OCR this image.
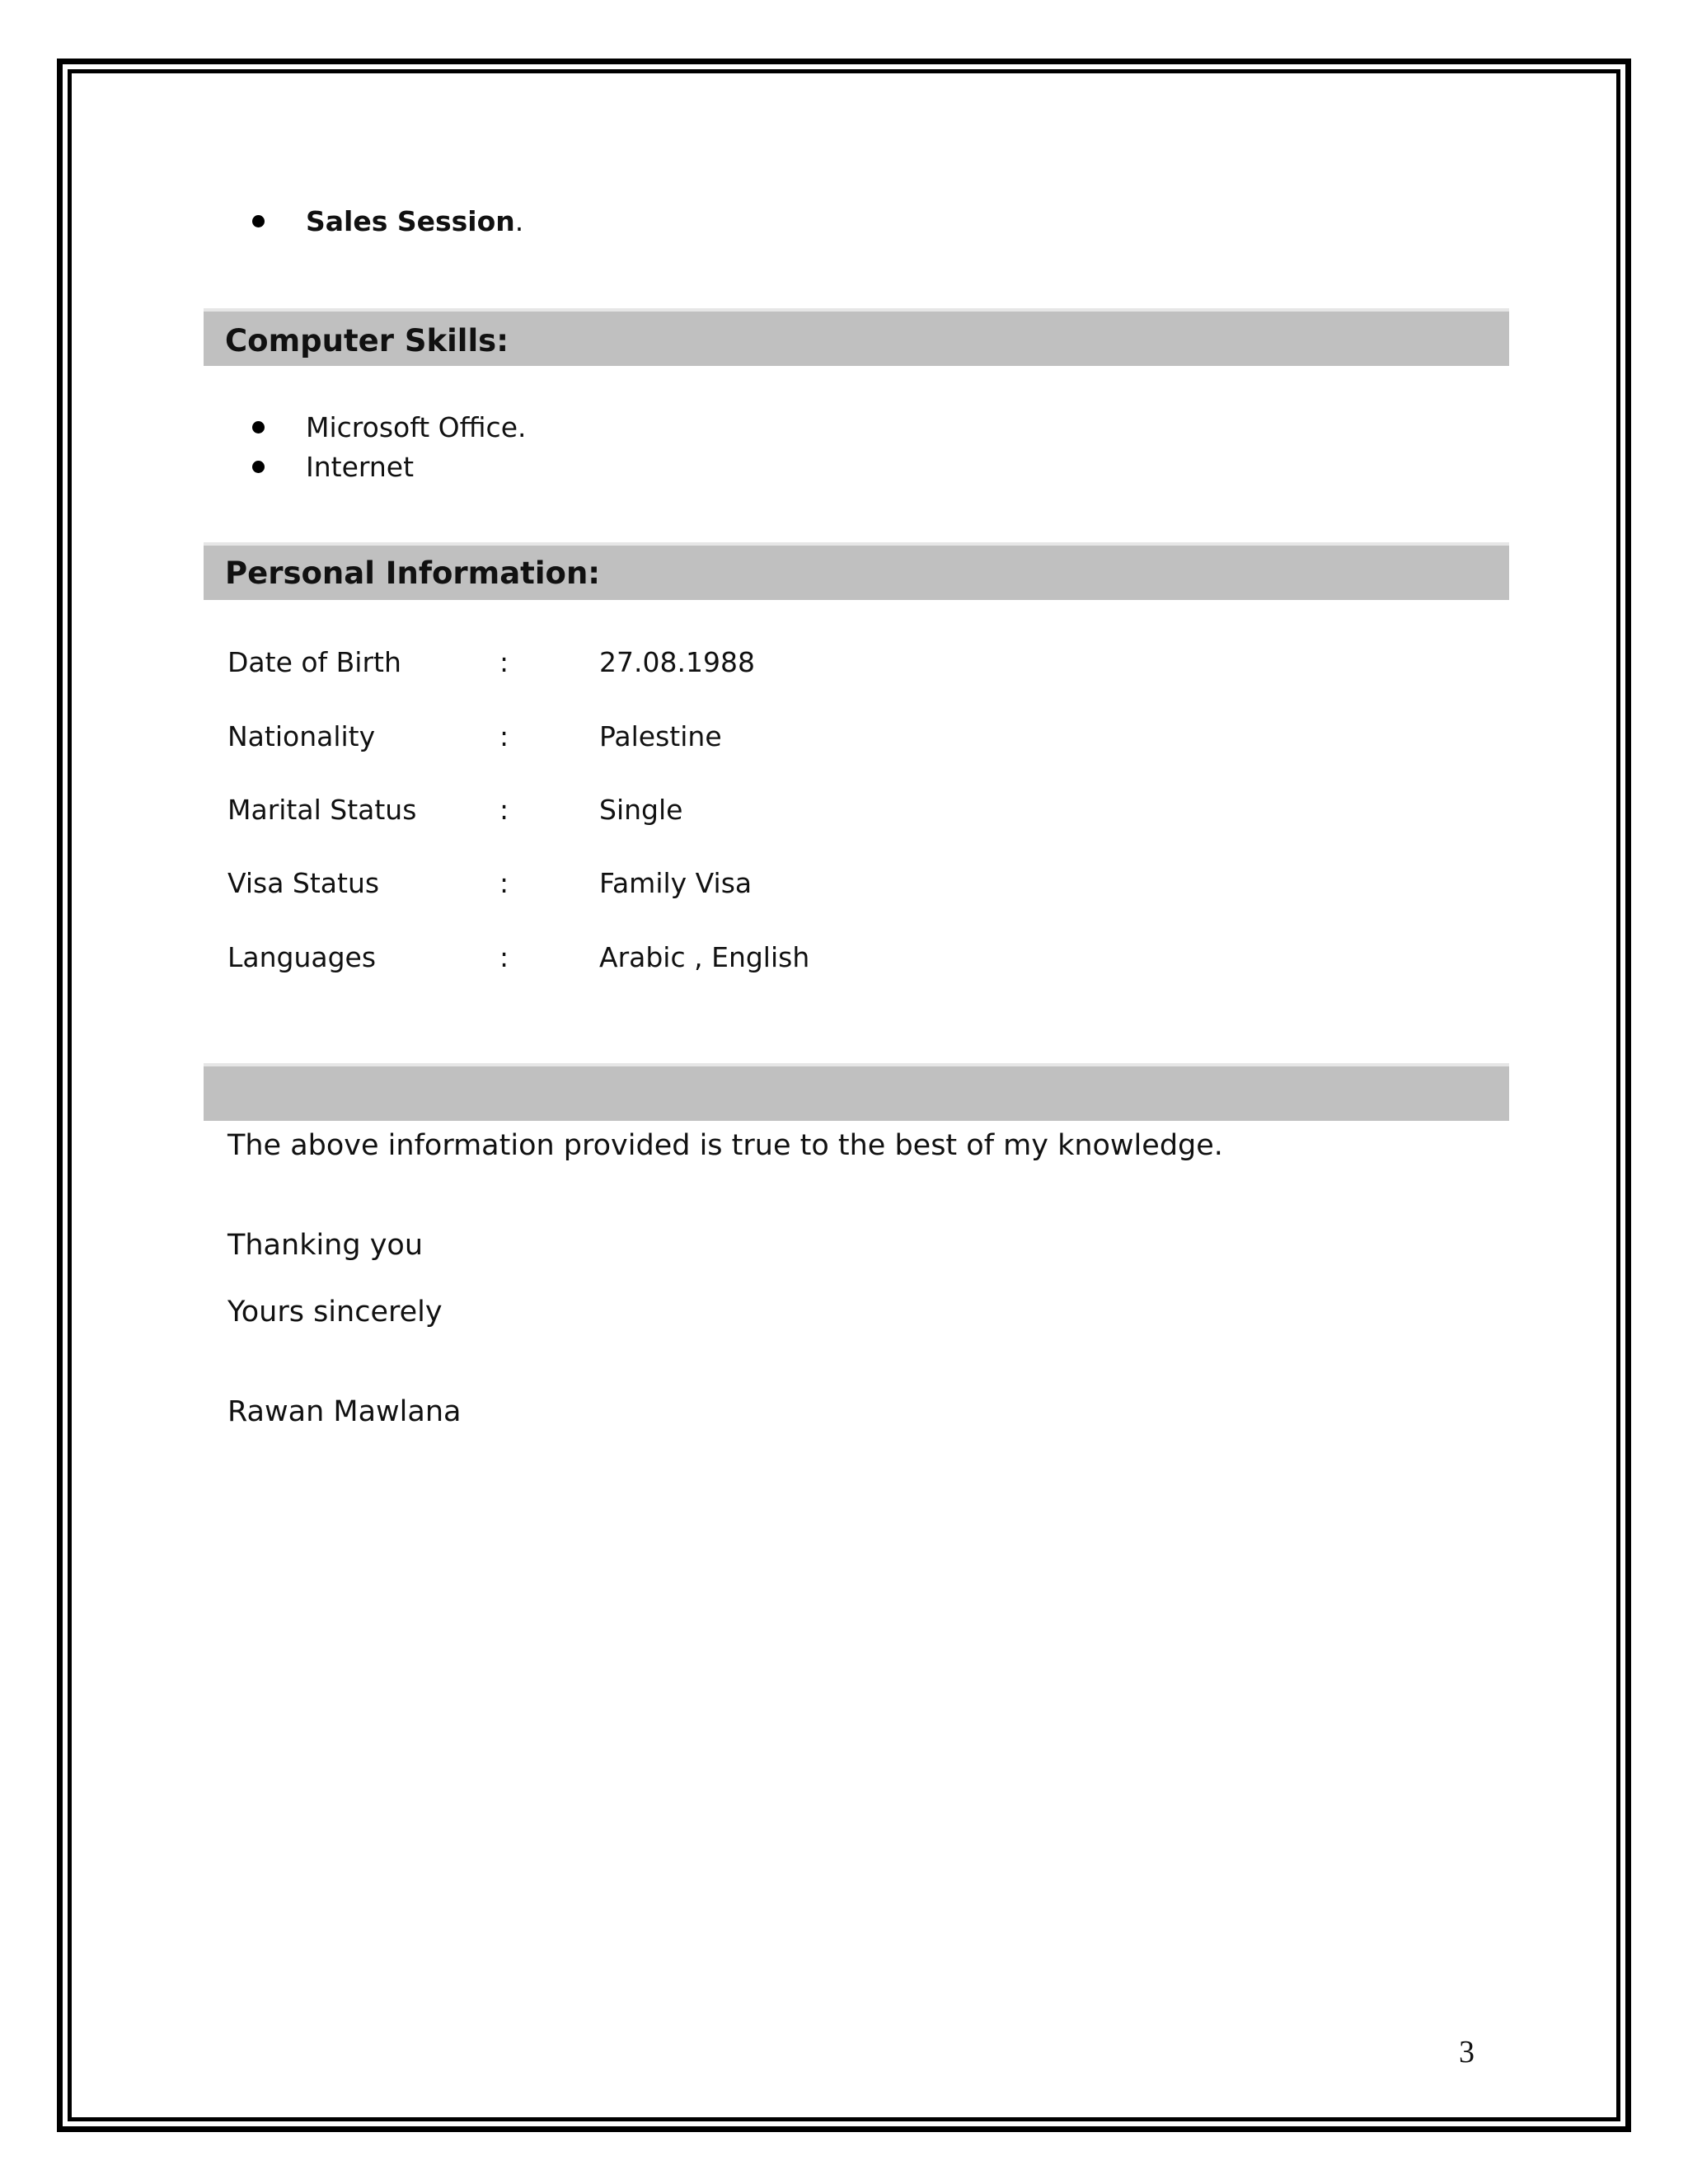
Sales Session .
Computer Skills:
Microsoft Office.
Internet
Personal Information:
Date of Birth	:	27.08.1988
Nationality	:	Palestine
Marital Status	:	Single
Visa Status	:	Family Visa
Languages	:	Arabic , English
The above information provided is true to the best of my knowledge.
Thanking you
Yours sincerely
Rawan Mawlana
3
